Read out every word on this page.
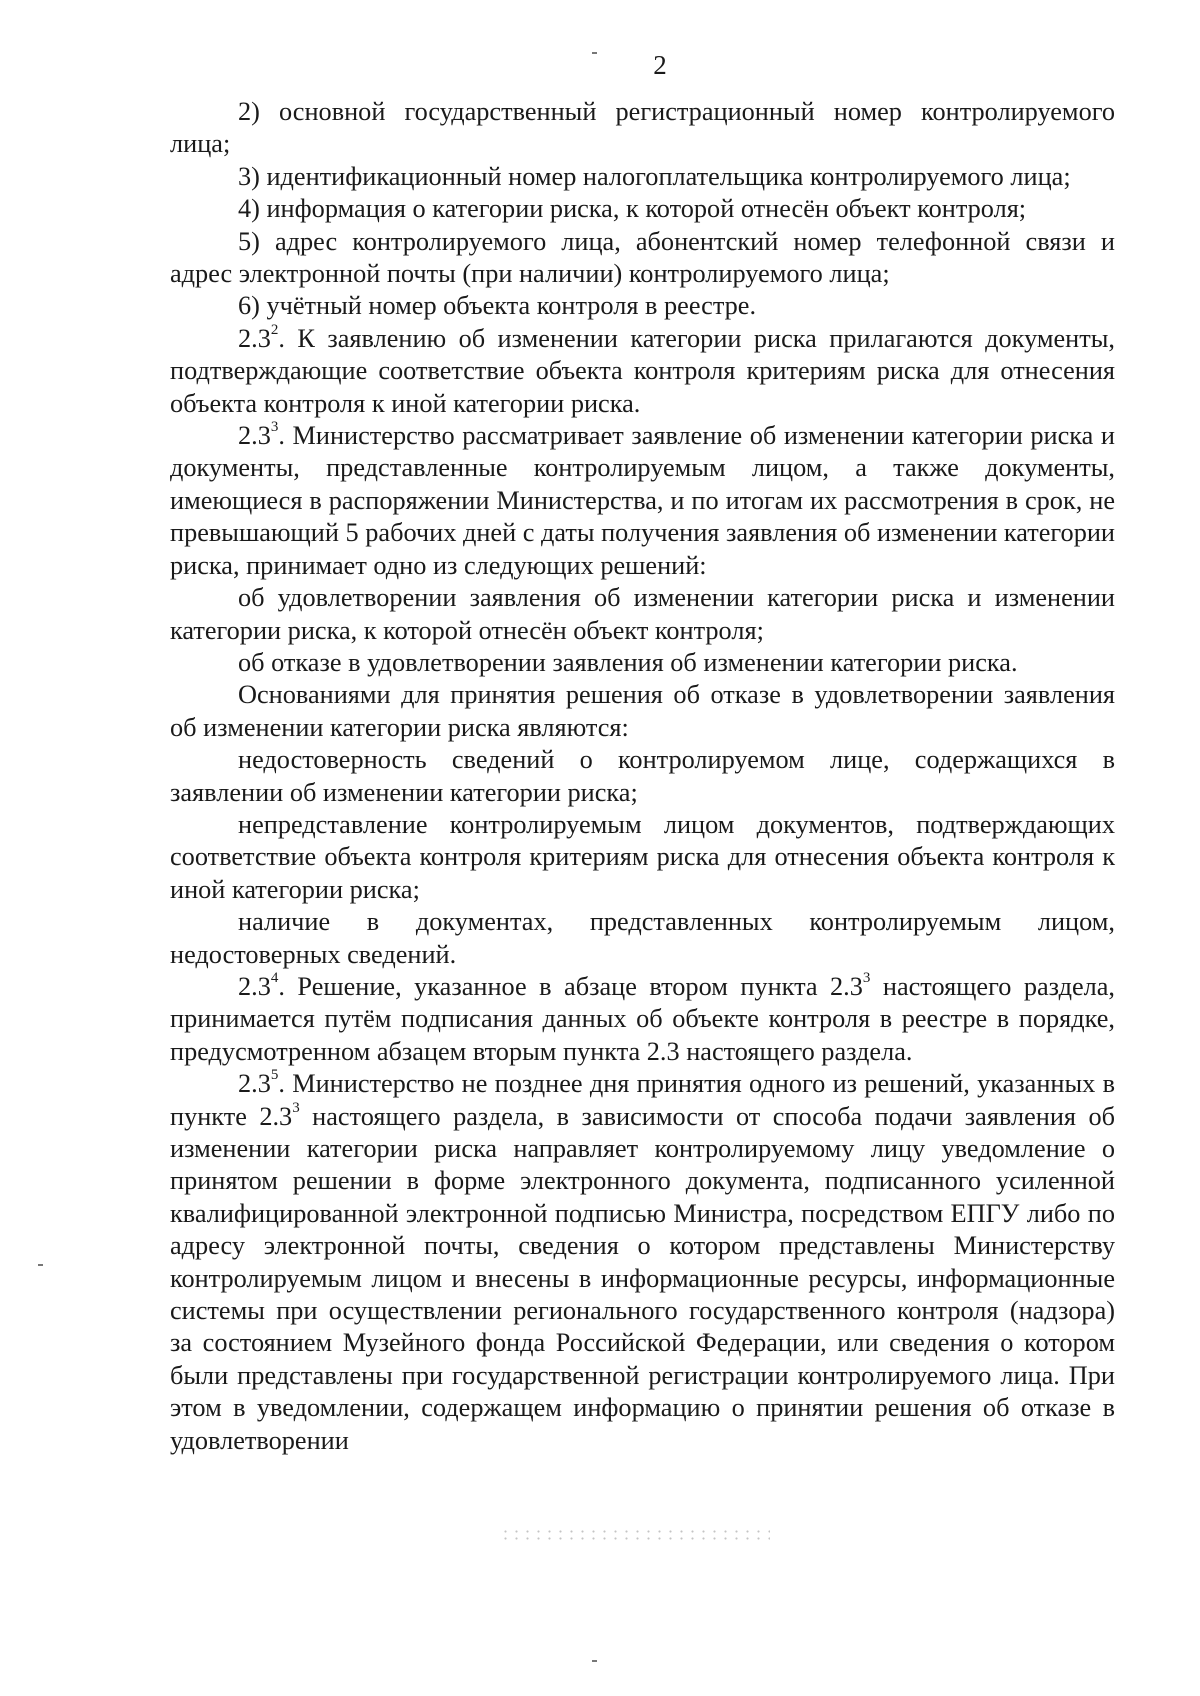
2

2) основной государственный регистрационный номер контролируемого лица;

3) идентификационный номер налогоплательщика контролируемого лица;

4) информация о категории риска, к которой отнесён объект контроля;

5) адрес контролируемого лица, абонентский номер телефонной связи и адрес электронной почты (при наличии) контролируемого лица;

6) учётный номер объекта контроля в реестре.

$2.3^2$. К заявлению об изменении категории риска прилагаются документы, подтверждающие соответствие объекта контроля критериям риска для отнесения объекта контроля к иной категории риска.

$2.3^3$. Министерство рассматривает заявление об изменении категории риска и документы, представленные контролируемым лицом, а также документы, имеющиеся в распоряжении Министерства, и по итогам их рассмотрения в срок, не превышающий 5 рабочих дней с даты получения заявления об изменении категории риска, принимает одно из следующих решений:

об удовлетворении заявления об изменении категории риска и изменении категории риска, к которой отнесён объект контроля;

об отказе в удовлетворении заявления об изменении категории риска.

Основаниями для принятия решения об отказе в удовлетворении заявления об изменении категории риска являются:

недостоверность сведений о контролируемом лице, содержащихся в заявлении об изменении категории риска;

непредставление контролируемым лицом документов, подтверждающих соответствие объекта контроля критериям риска для отнесения объекта контроля к иной категории риска;

наличие в документах, представленных контролируемым лицом, недостоверных сведений.

$2.3^4$. Решение, указанное в абзаце втором пункта $2.3^3$ настоящего раздела, принимается путём подписания данных об объекте контроля в реестре в порядке, предусмотренном абзацем вторым пункта 2.3 настоящего раздела.

$2.3^5$. Министерство не позднее дня принятия одного из решений, указанных в пункте $2.3^3$ настоящего раздела, в зависимости от способа подачи заявления об изменении категории риска направляет контролируемому лицу уведомление о принятом решении в форме электронного документа, подписанного усиленной квалифицированной электронной подписью Министра, посредством ЕПГУ либо по адресу электронной почты, сведения о котором представлены Министерству контролируемым лицом и внесены в информационные ресурсы, информационные системы при осуществлении регионального государственного контроля (надзора) за состоянием Музейного фонда Российской Федерации, или сведения о котором были представлены при государственной регистрации контролируемого лица. При этом в уведомлении, содержащем информацию о принятии решения об отказе в удовлетворении
